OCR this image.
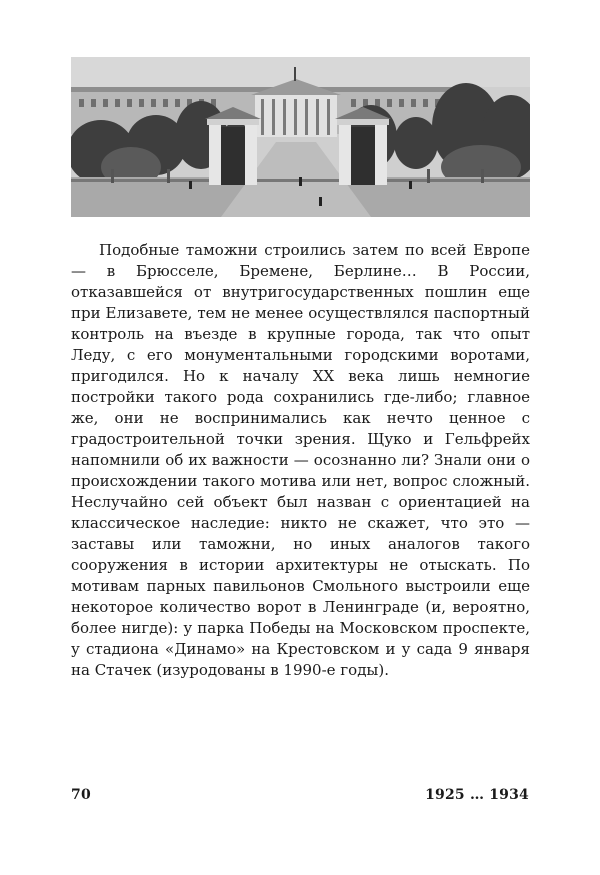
Подобные таможни строились затем по всей Европе — в Брюсселе, Бремене, Берлине… В России, отказавшейся от внутригосударственных пошлин еще при Елизавете, тем не менее осуществлялся паспортный контроль на въезде в крупные города, так что опыт Леду, с его монументальными городскими воротами, пригодился. Но к началу XX века лишь немногие постройки такого рода сохранились где-либо; главное же, они не воспринимались как нечто ценное с градостроительной точки зрения. Щуко и Гельфрейх напомнили об их важности — осознанно ли? Знали они о происхождении такого мотива или нет, вопрос сложный. Неслучайно сей объект был назван с ориентацией на классическое наследие: никто не скажет, что это — заставы или таможни, но иных аналогов такого сооружения в истории архитектуры не отыскать. По мотивам парных павильонов Смольного выстроили еще некоторое количество ворот в Ленинграде (и, вероятно, более нигде): у парка Победы на Московском проспекте, у стадиона «Динамо» на Крестовском и у сада 9 января на Стачек (изуродованы в 1990-е годы).

70	1925 … 1934
